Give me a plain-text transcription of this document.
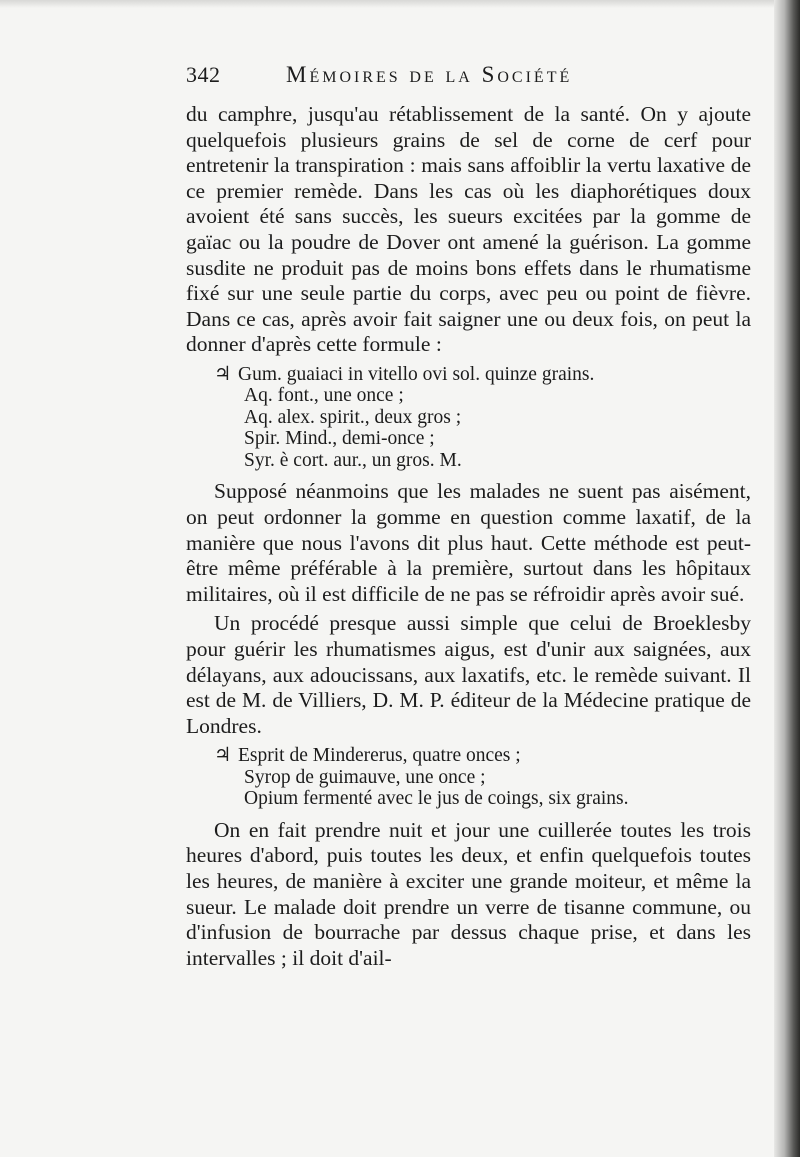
342	Mémoires de la Société

du camphre, jusqu'au rétablissement de la santé. On y ajoute quelquefois plusieurs grains de sel de corne de cerf pour entretenir la transpiration : mais sans affoiblir la vertu laxative de ce premier remède. Dans les cas où les diaphorétiques doux avoient été sans succès, les sueurs excitées par la gomme de gaïac ou la poudre de Dover ont amené la guérison. La gomme susdite ne produit pas de moins bons effets dans le rhumatisme fixé sur une seule partie du corps, avec peu ou point de fièvre. Dans ce cas, après avoir fait saigner une ou deux fois, on peut la donner d'après cette formule :

♃ Gum. guaiaci in vitello ovi sol. quinze grains.
Aq. font., une once ;
Aq. alex. spirit., deux gros ;
Spir. Mind., demi-once ;
Syr. è cort. aur., un gros. M.

Supposé néanmoins que les malades ne suent pas aisément, on peut ordonner la gomme en question comme laxatif, de la manière que nous l'avons dit plus haut. Cette méthode est peut-être même préférable à la première, surtout dans les hôpitaux militaires, où il est difficile de ne pas se réfroidir après avoir sué.

Un procédé presque aussi simple que celui de Broeklesby pour guérir les rhumatismes aigus, est d'unir aux saignées, aux délayans, aux adoucissans, aux laxatifs, etc. le remède suivant. Il est de M. de Villiers, D. M. P. éditeur de la Médecine pratique de Londres.

♃ Esprit de Mindererus, quatre onces ;
Syrop de guimauve, une once ;
Opium fermenté avec le jus de coings, six grains.

On en fait prendre nuit et jour une cuillerée toutes les trois heures d'abord, puis toutes les deux, et enfin quelquefois toutes les heures, de manière à exciter une grande moiteur, et même la sueur. Le malade doit prendre un verre de tisanne commune, ou d'infusion de bourrache par dessus chaque prise, et dans les intervalles ; il doit d'ail-
